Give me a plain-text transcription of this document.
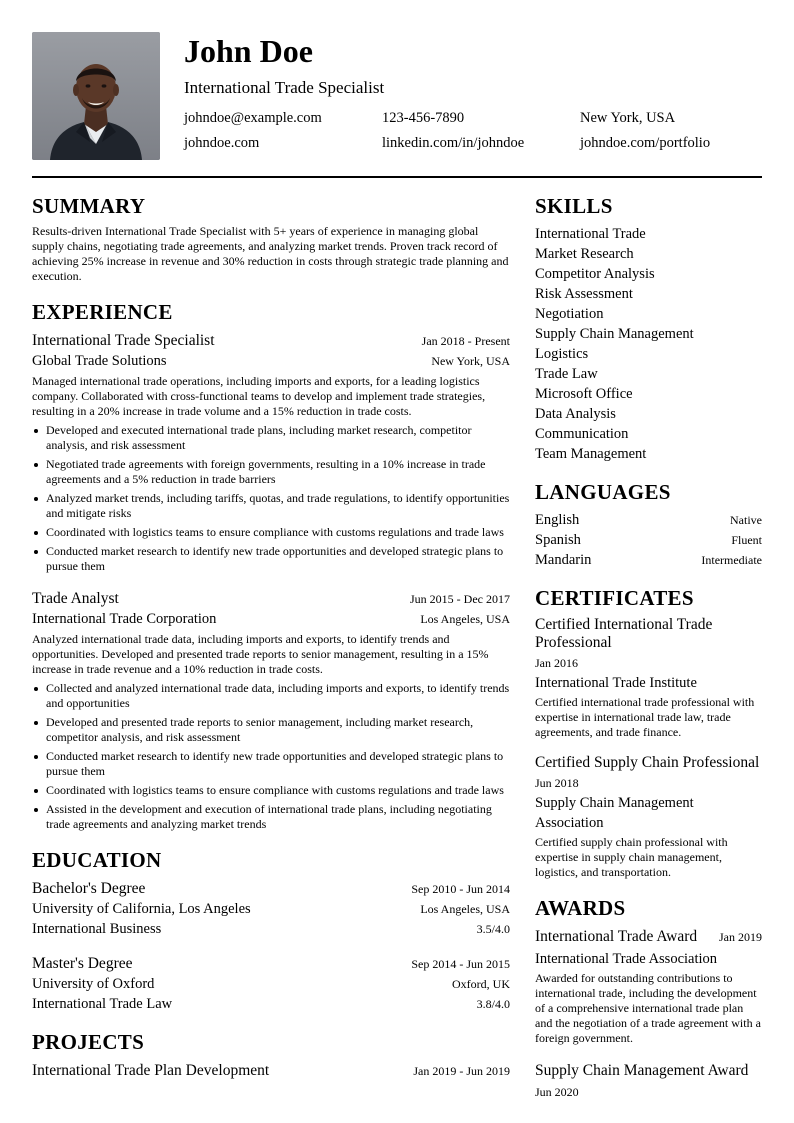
John Doe
International Trade Specialist
johndoe@example.com	123-456-7890	New York, USA
johndoe.com	linkedin.com/in/johndoe	johndoe.com/portfolio
SUMMARY

Results-driven International Trade Specialist with 5+ years of experience in managing global supply chains, negotiating trade agreements, and analyzing market trends. Proven track record of achieving 25% increase in revenue and 30% reduction in costs through strategic trade planning and execution.

EXPERIENCE
International Trade Specialist	Jan 2018 - Present
Global Trade Solutions	New York, USA

Managed international trade operations, including imports and exports, for a leading logistics company. Collaborated with cross-functional teams to develop and implement trade strategies, resulting in a 20% increase in trade volume and a 15% reduction in trade costs.

Developed and executed international trade plans, including market research, competitor analysis, and risk assessment
Negotiated trade agreements with foreign governments, resulting in a 10% increase in trade agreements and a 5% reduction in trade barriers
Analyzed market trends, including tariffs, quotas, and trade regulations, to identify opportunities and mitigate risks
Coordinated with logistics teams to ensure compliance with customs regulations and trade laws
Conducted market research to identify new trade opportunities and developed strategic plans to pursue them
Trade Analyst	Jun 2015 - Dec 2017
International Trade Corporation	Los Angeles, USA

Analyzed international trade data, including imports and exports, to identify trends and opportunities. Developed and presented trade reports to senior management, resulting in a 15% increase in trade revenue and a 10% reduction in trade costs.

Collected and analyzed international trade data, including imports and exports, to identify trends and opportunities
Developed and presented trade reports to senior management, including market research, competitor analysis, and risk assessment
Conducted market research to identify new trade opportunities and developed strategic plans to pursue them
Coordinated with logistics teams to ensure compliance with customs regulations and trade laws
Assisted in the development and execution of international trade plans, including negotiating trade agreements and analyzing market trends
EDUCATION
Bachelor's Degree	Sep 2010 - Jun 2014
University of California, Los Angeles	Los Angeles, USA
International Business	3.5/4.0
Master's Degree	Sep 2014 - Jun 2015
University of Oxford	Oxford, UK
International Trade Law	3.8/4.0
PROJECTS
International Trade Plan Development	Jan 2019 - Jun 2019
SKILLS
International Trade
Market Research
Competitor Analysis
Risk Assessment
Negotiation
Supply Chain Management
Logistics
Trade Law
Microsoft Office
Data Analysis
Communication
Team Management
LANGUAGES
English	Native
Spanish	Fluent
Mandarin	Intermediate
CERTIFICATES
Certified International Trade Professional
Jan 2016
International Trade Institute

Certified international trade professional with expertise in international trade law, trade agreements, and trade finance.

Certified Supply Chain Professional
Jun 2018
Supply Chain Management Association

Certified supply chain professional with expertise in supply chain management, logistics, and transportation.

AWARDS
International Trade Award Jan 2019
International Trade Association

Awarded for outstanding contributions to international trade, including the development of a comprehensive international trade plan and the negotiation of a trade agreement with a foreign government.

Supply Chain Management Award
Jun 2020
